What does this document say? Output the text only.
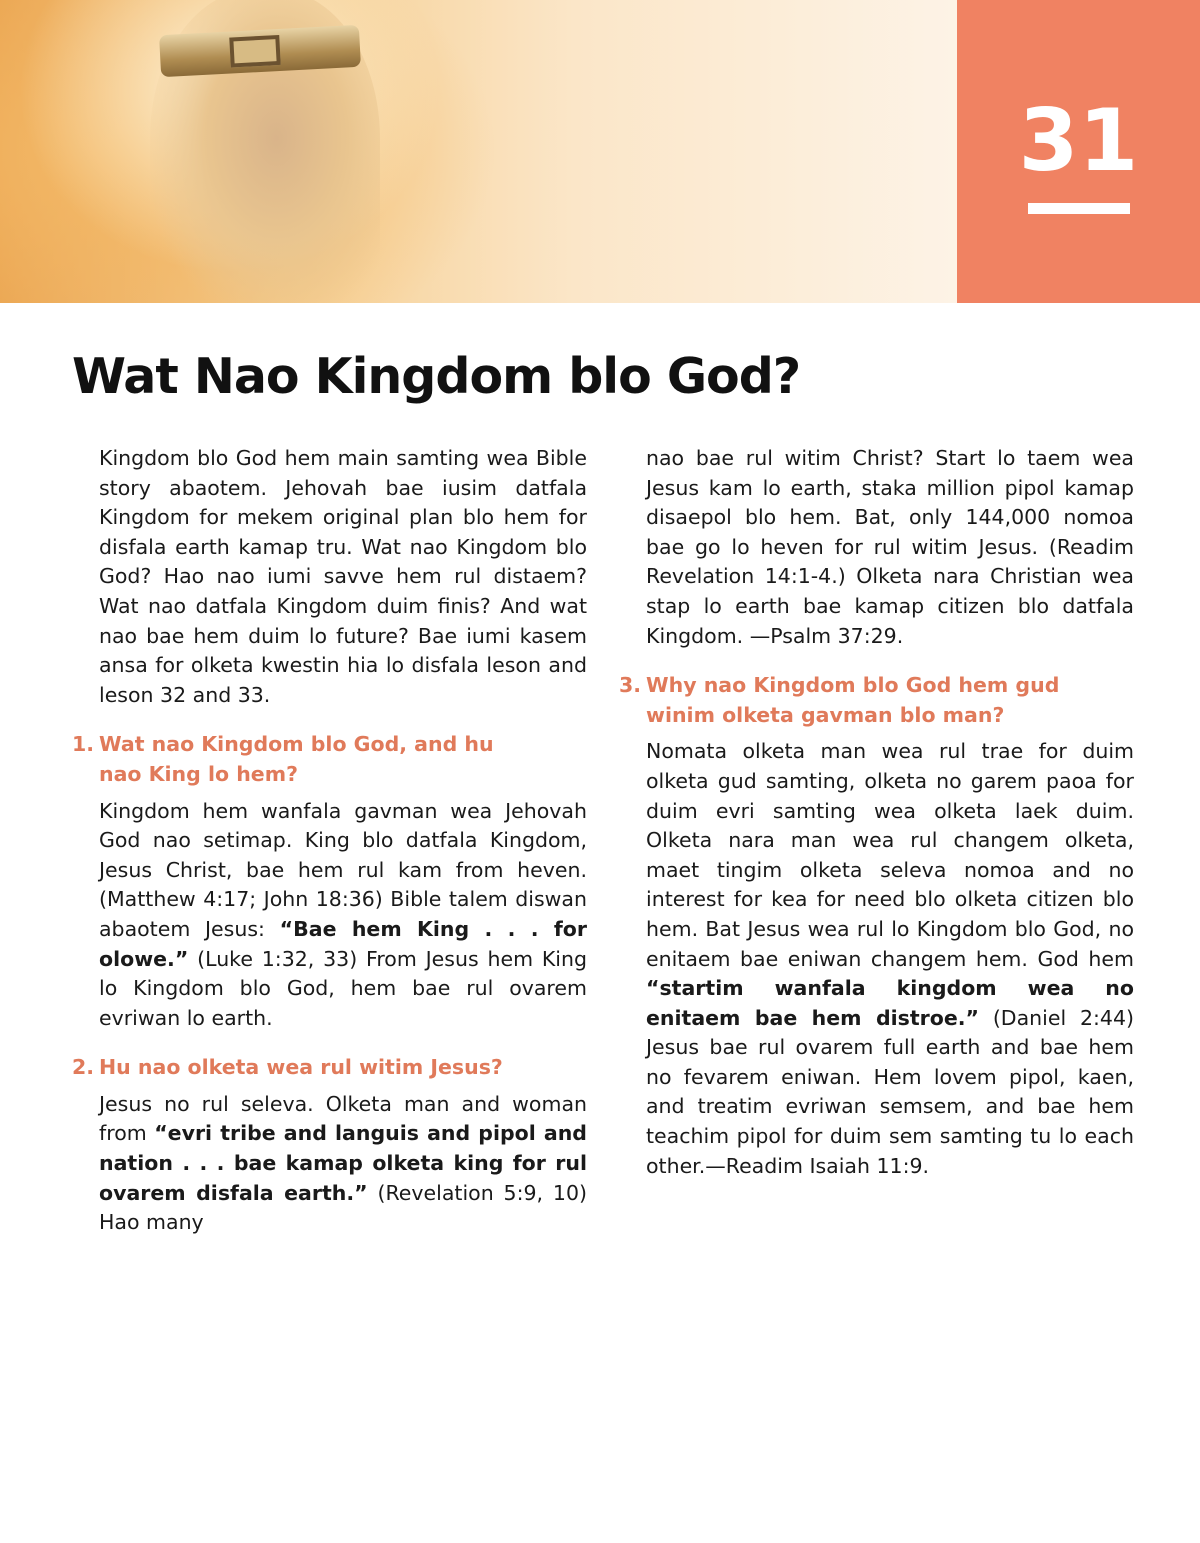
31
Wat Nao Kingdom blo God?

Kingdom blo God hem main samting wea Bible story abaotem. Jehovah bae iusim datfala Kingdom for mekem original plan blo hem for disfala earth kamap tru. Wat nao Kingdom blo God? Hao nao iumi savve hem rul distaem? Wat nao datfala Kingdom duim finis? And wat nao bae hem duim lo future? Bae iumi kasem ansa for olketa kwestin hia lo disfala leson and leson 32 and 33.

1. Wat nao Kingdom blo God, and hu nao King lo hem?

Kingdom hem wanfala gavman wea Jehovah God nao setimap. King blo datfala Kingdom, Jesus Christ, bae hem rul kam from heven. (Matthew 4:17; John 18:36) Bible talem diswan abaotem Jesus: “Bae hem King . . . for olowe.” (Luke 1:32, 33) From Jesus hem King lo Kingdom blo God, hem bae rul ovarem evriwan lo earth.

2. Hu nao olketa wea rul witim Jesus?

Jesus no rul seleva. Olketa man and woman from “evri tribe and languis and pipol and nation . . . bae kamap olketa king for rul ovarem disfala earth.” (Revelation 5:9, 10) Hao many

nao bae rul witim Christ? Start lo taem wea Jesus kam lo earth, staka million pipol kamap disaepol blo hem. Bat, only 144,000 nomoa bae go lo heven for rul witim Jesus. (Readim Revelation 14:1-4.) Olketa nara Christian wea stap lo earth bae kamap citizen blo datfala Kingdom. —Psalm 37:29.

3. Why nao Kingdom blo God hem gud winim olketa gavman blo man?

Nomata olketa man wea rul trae for duim olketa gud samting, olketa no garem paoa for duim evri samting wea olketa laek duim. Olketa nara man wea rul changem olketa, maet tingim olketa seleva nomoa and no interest for kea for need blo olketa citizen blo hem. Bat Jesus wea rul lo Kingdom blo God, no enitaem bae eniwan changem hem. God hem “startim wanfala kingdom wea no enitaem bae hem distroe.” (Daniel 2:44) Jesus bae rul ovarem full earth and bae hem no fevarem eniwan. Hem lovem pipol, kaen, and treatim evriwan semsem, and bae hem teachim pipol for duim sem samting tu lo each other.—Readim Isaiah 11:9.
